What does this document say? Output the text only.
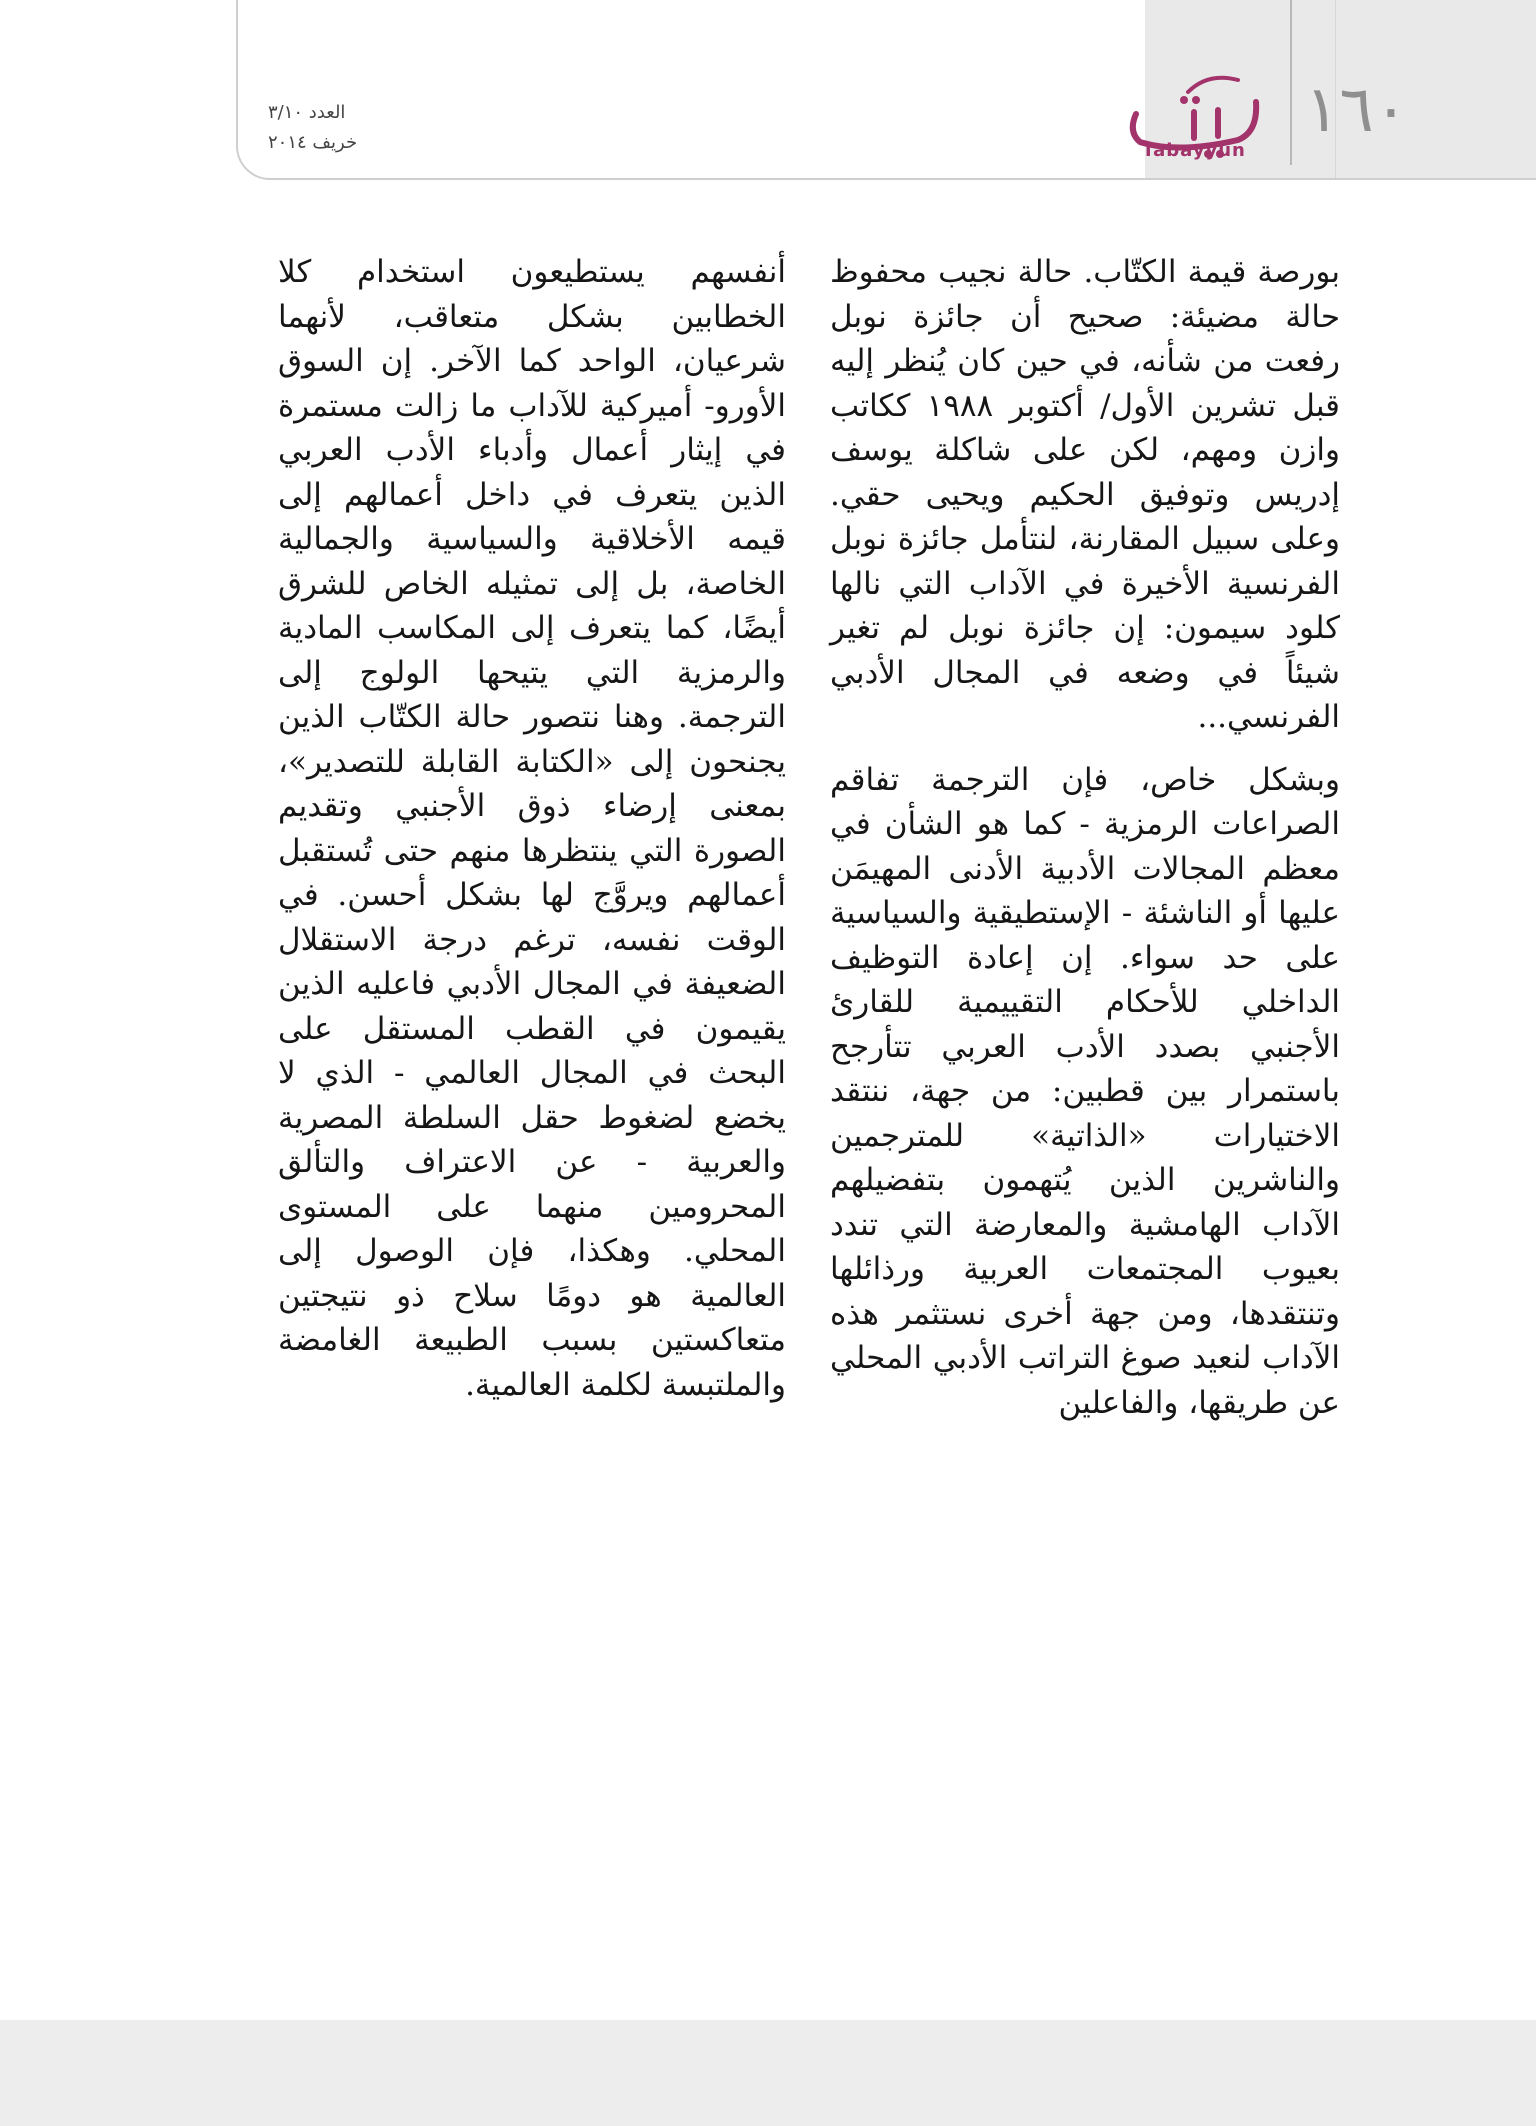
١٦٠
Tabayyun
العدد ٣/١٠
خريف ٢٠١٤

بورصة قيمة الكتّاب. حالة نجيب محفوظ حالة مضيئة: صحيح أن جائزة نوبل رفعت من شأنه، في حين كان يُنظر إليه قبل تشرين الأول/ أكتوبر ١٩٨٨ ككاتب وازن ومهم، لكن على شاكلة يوسف إدريس وتوفيق الحكيم ويحيى حقي. وعلى سبيل المقارنة، لنتأمل جائزة نوبل الفرنسية الأخيرة في الآداب التي نالها كلود سيمون: إن جائزة نوبل لم تغير شيئاً في وضعه في المجال الأدبي الفرنسي...

وبشكل خاص، فإن الترجمة تفاقم الصراعات الرمزية - كما هو الشأن في معظم المجالات الأدبية الأدنى المهيمَن عليها أو الناشئة - الإستطيقية والسياسية على حد سواء. إن إعادة التوظيف الداخلي للأحكام التقييمية للقارئ الأجنبي بصدد الأدب العربي تتأرجح باستمرار بين قطبين: من جهة، ننتقد الاختيارات «الذاتية» للمترجمين والناشرين الذين يُتهمون بتفضيلهم الآداب الهامشية والمعارضة التي تندد بعيوب المجتمعات العربية ورذائلها وتنتقدها، ومن جهة أخرى نستثمر هذه الآداب لنعيد صوغ التراتب الأدبي المحلي عن طريقها، والفاعلين

أنفسهم يستطيعون استخدام كلا الخطابين بشكل متعاقب، لأنهما شرعيان، الواحد كما الآخر. إن السوق الأورو- أميركية للآداب ما زالت مستمرة في إيثار أعمال وأدباء الأدب العربي الذين يتعرف في داخل أعمالهم إلى قيمه الأخلاقية والسياسية والجمالية الخاصة، بل إلى تمثيله الخاص للشرق أيضًا، كما يتعرف إلى المكاسب المادية والرمزية التي يتيحها الولوج إلى الترجمة. وهنا نتصور حالة الكتّاب الذين يجنحون إلى «الكتابة القابلة للتصدير»، بمعنى إرضاء ذوق الأجنبي وتقديم الصورة التي ينتظرها منهم حتى تُستقبل أعمالهم ويروَّج لها بشكل أحسن. في الوقت نفسه، ترغم درجة الاستقلال الضعيفة في المجال الأدبي فاعليه الذين يقيمون في القطب المستقل على البحث في المجال العالمي - الذي لا يخضع لضغوط حقل السلطة المصرية والعربية - عن الاعتراف والتألق المحرومين منهما على المستوى المحلي. وهكذا، فإن الوصول إلى العالمية هو دومًا سلاح ذو نتيجتين متعاكستين بسبب الطبيعة الغامضة والملتبسة لكلمة العالمية.
